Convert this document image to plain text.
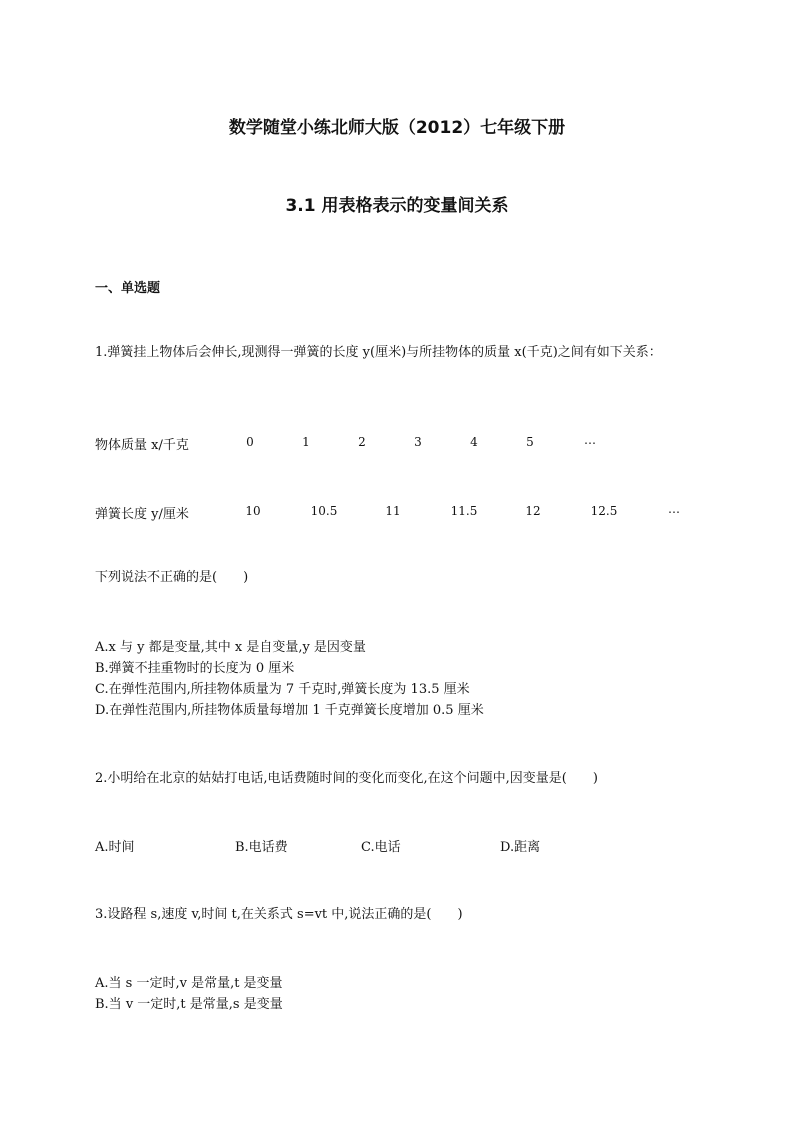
数学随堂小练北师大版（2012）七年级下册
3.1 用表格表示的变量间关系
一、单选题
1.弹簧挂上物体后会伸长,现测得一弹簧的长度 y(厘米)与所挂物体的质量 x(千克)之间有如下关系：
物体质量 x/千克	0	1	2	3	4	5	…
弹簧长度 y/厘米	10	10.5	11	11.5	12	12.5	…
下列说法不正确的是(　　)
A.x 与 y 都是变量,其中 x 是自变量,y 是因变量
B.弹簧不挂重物时的长度为 0 厘米
C.在弹性范围内,所挂物体质量为 7 千克时,弹簧长度为 13.5 厘米
D.在弹性范围内,所挂物体质量每增加 1 千克弹簧长度增加 0.5 厘米
2.小明给在北京的姑姑打电话,电话费随时间的变化而变化,在这个问题中,因变量是(　　)
A.时间	B.电话费	C.电话	D.距离
3.设路程 s,速度 v,时间 t,在关系式 s=vt 中,说法正确的是(　　)
A.当 s 一定时,v 是常量,t 是变量
B.当 v 一定时,t 是常量,s 是变量
